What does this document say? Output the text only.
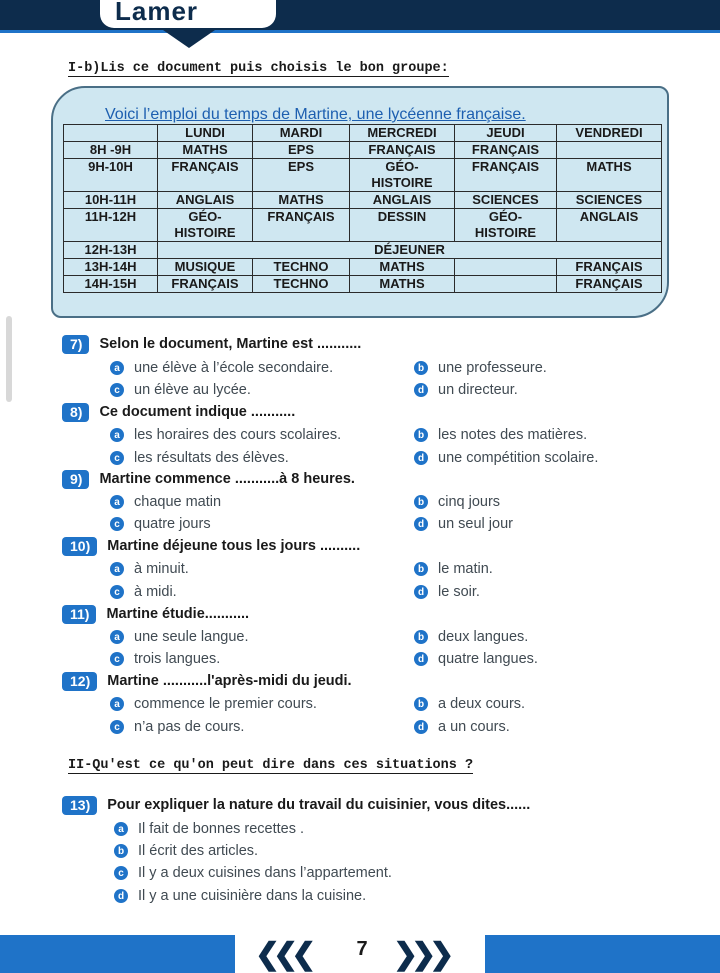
Lamer
I-b)Lis ce document puis choisis le bon groupe:
Voici l’emploi du temps de Martine, une lycéenne française.
	LUNDI	MARDI	MERCREDI	JEUDI	VENDREDI
8H -9H	MATHS	EPS	FRANÇAIS	FRANÇAIS	
9H-10H	FRANÇAIS	EPS	GÉO-
HISTOIRE	FRANÇAIS	MATHS
10H-11H	ANGLAIS	MATHS	ANGLAIS	SCIENCES	SCIENCES
11H-12H	GÉO-
HISTOIRE	FRANÇAIS	DESSIN	GÉO-
HISTOIRE	ANGLAIS
12H-13H	DÉJEUNER				
13H-14H	MUSIQUE	TECHNO	MATHS		FRANÇAIS
14H-15H	FRANÇAIS	TECHNO	MATHS		FRANÇAIS
7)	Selon le document, Martine est ...........
a une élève à l’école secondaire.	b une professeure.
c un élève au lycée.	d un directeur.
8)	Ce document indique ...........
a les horaires des cours scolaires.	b les notes des matières.
c les résultats des élèves.	d une compétition scolaire.
9)	Martine commence ...........à 8 heures.
a chaque matin	b cinq jours
c quatre jours	d un seul jour
10)	Martine déjeune tous les jours ..........
a à minuit.	b le matin.
c à midi.	d le soir.
11)	Martine étudie...........
a une seule langue.	b deux langues.
c trois langues.	d quatre langues.
12)	Martine ...........l'après-midi du jeudi.
a commence le premier cours.	b a deux cours.
c n’a pas de cours.	d a un cours.
II-Qu'est ce qu'on peut dire dans ces situations ?
13)	Pour expliquer la nature du travail du cuisinier, vous dites......
a Il fait de bonnes recettes .
b Il écrit des articles.
c Il y a deux cuisines dans l’appartement.
d Il y a une cuisinière dans la cuisine.
❮❮❮ 7 ❯❯❯
